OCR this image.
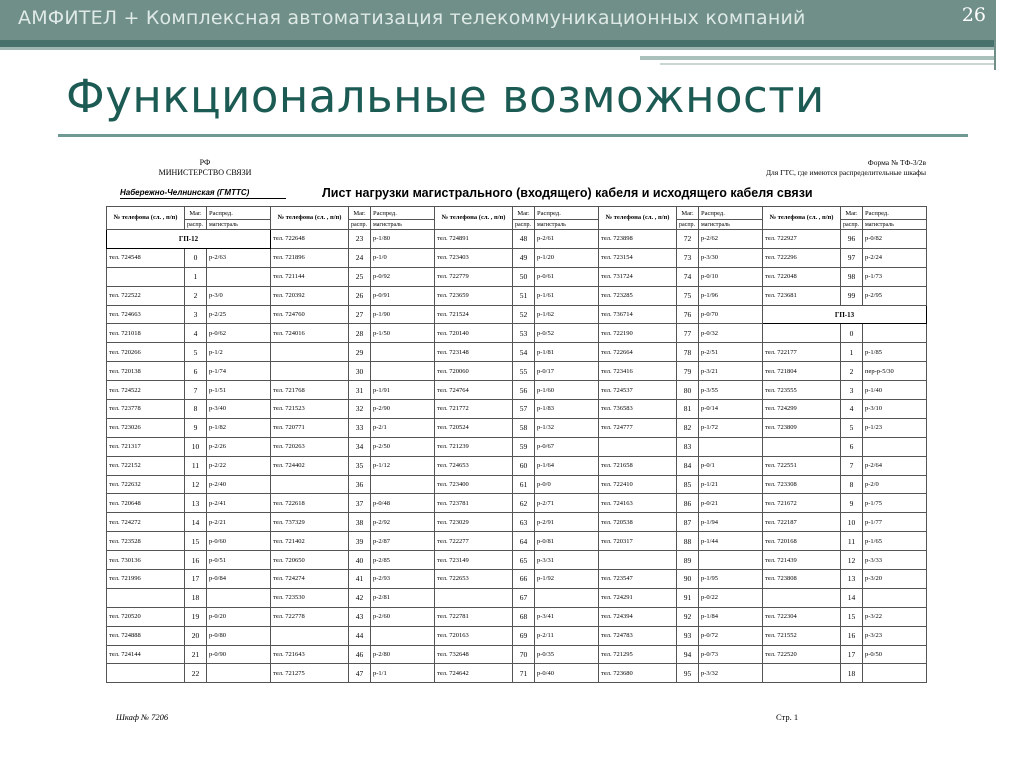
АМФИТЕЛ + Комплексная автоматизация телекоммуникационных компаний	26
Функциональные возможности
РФ
МИНИСТЕРСТВО СВЯЗИ
Форма № ТФ-3/2в
Для ГТС, где имеются распределительные шкафы
Набережно-Челнинская (ГМТТС)	Лист нагрузки магистрального (входящего) кабеля и исходящего кабеля связи
№ телефона (сл. , п/п)	Маг.	Распред.	№ телефона (сл. , п/п)	Маг.	Распред.	№ телефона (сл. , п/п)	Маг.	Распред.	№ телефона (сл. , п/п)	Маг.	Распред.	№ телефона (сл. , п/п)	Маг.	Распред.
	распр.	магистраль		распр.	магистраль		распр.	магистраль		распр.	магистраль		распр.	магистраль
ГП-12			тел. 722648	23	р-1/80	тел. 724891	48	р-2/61	тел. 723898	72	р-2/62	тел. 722927	96	р-0/82
тел. 724548	0	р-2/63	тел. 721896	24	р-1/0	тел. 723403	49	р-1/20	тел. 723154	73	р-3/30	тел. 722296	97	р-2/24
	1		тел. 721144	25	р-0/92	тел. 722779	50	р-0/61	тел. 731724	74	р-0/10	тел. 722048	98	р-1/73
тел. 722522	2	р-3/0	тел. 720392	26	р-0/91	тел. 723659	51	р-1/61	тел. 723285	75	р-1/96	тел. 723681	99	р-2/95
тел. 724663	3	р-2/25	тел. 724760	27	р-1/90	тел. 721524	52	р-1/62	тел. 736714	76	р-0/70	ГП-13		
тел. 721018	4	р-0/62	тел. 724016	28	р-1/50	тел. 720140	53	р-0/52	тел. 722190	77	р-0/32		0	
тел. 720266	5	р-1/2		29		тел. 723148	54	р-1/81	тел. 722664	78	р-2/51	тел. 722177	1	р-1/85
тел. 720138	6	р-1/74		30		тел. 720060	55	р-0/17	тел. 723416	79	р-3/21	тел. 721804	2	пер-р-5/30
тел. 724522	7	р-1/51	тел. 721768	31	р-1/91	тел. 724764	56	р-1/60	тел. 724537	80	р-3/55	тел. 723555	3	р-1/40
тел. 723778	8	р-3/40	тел. 721523	32	р-2/90	тел. 721772	57	р-1/83	тел. 736583	81	р-0/14	тел. 724299	4	р-3/10
тел. 723026	9	р-1/82	тел. 720771	33	р-2/1	тел. 720524	58	р-1/32	тел. 724777	82	р-1/72	тел. 723809	5	р-1/23
тел. 721317	10	р-2/26	тел. 720263	34	р-2/50	тел. 721239	59	р-0/67		83			6	
тел. 722152	11	р-2/22	тел. 724402	35	р-1/12	тел. 724653	60	р-1/64	тел. 721658	84	р-0/1	тел. 722551	7	р-2/64
тел. 722632	12	р-2/40		36		тел. 723400	61	р-0/0	тел. 722410	85	р-1/21	тел. 723308	8	р-2/0
тел. 720648	13	р-2/41	тел. 722618	37	р-0/48	тел. 723781	62	р-2/71	тел. 724163	86	р-0/21	тел. 721672	9	р-1/75
тел. 724272	14	р-2/21	тел. 737329	38	р-2/92	тел. 723029	63	р-2/91	тел. 720538	87	р-1/94	тел. 722187	10	р-1/77
тел. 723528	15	р-0/60	тел. 721402	39	р-2/87	тел. 722277	64	р-0/81	тел. 720317	88	р-1/44	тел. 720168	11	р-1/65
тел. 730136	16	р-0/51	тел. 720650	40	р-2/85	тел. 723149	65	р-3/31		89		тел. 721439	12	р-3/33
тел. 721996	17	р-0/84	тел. 724274	41	р-2/93	тел. 722653	66	р-1/92	тел. 723547	90	р-1/95	тел. 723808	13	р-3/20
	18		тел. 723530	42	р-2/81		67		тел. 724291	91	р-0/22		14	
тел. 720520	19	р-0/20	тел. 722778	43	р-2/60	тел. 722781	68	р-3/41	тел. 724394	92	р-1/84	тел. 722304	15	р-3/22
тел. 724888	20	р-0/80		44		тел. 720163	69	р-2/11	тел. 724783	93	р-0/72	тел. 721552	16	р-3/23
тел. 724144	21	р-0/90	тел. 721643	46	р-2/80	тел. 732648	70	р-0/35	тел. 721295	94	р-0/73	тел. 722520	17	р-0/50
	22		тел. 721275	47	р-1/1	тел. 724642	71	р-0/40	тел. 723680	95	р-3/32		18	
Шкаф № 7206	Стр. 1
